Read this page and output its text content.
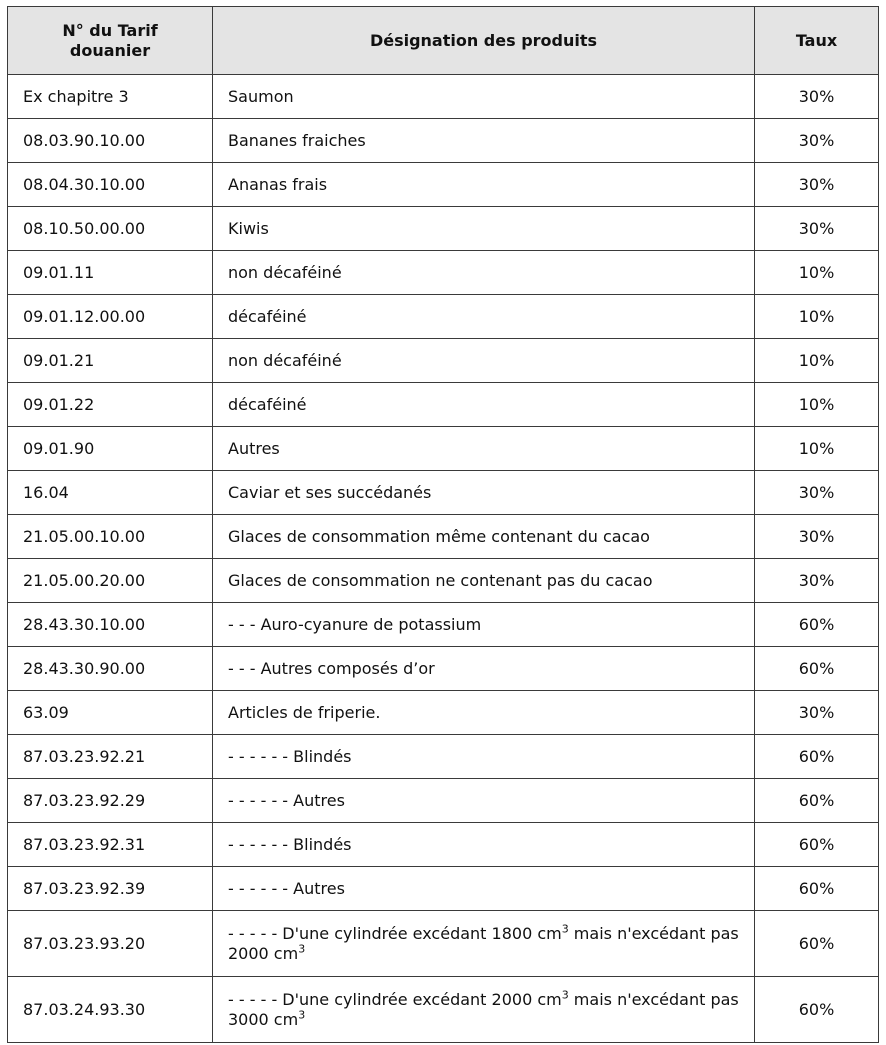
N° du Tarif
douanier	Désignation des produits	Taux
Ex chapitre 3	Saumon	30%
08.03.90.10.00	Bananes fraiches	30%
08.04.30.10.00	Ananas frais	30%
08.10.50.00.00	Kiwis	30%
09.01.11	non décaféiné	10%
09.01.12.00.00	décaféiné	10%
09.01.21	non décaféiné	10%
09.01.22	décaféiné	10%
09.01.90	Autres	10%
16.04	Caviar et ses succédanés	30%
21.05.00.10.00	Glaces de consommation même contenant du cacao	30%
21.05.00.20.00	Glaces de consommation ne contenant pas du cacao	30%
28.43.30.10.00	- - - Auro-cyanure de potassium	60%
28.43.30.90.00	- - - Autres composés d’or	60%
63.09	Articles de friperie.	30%
87.03.23.92.21	- - - - - - Blindés	60%
87.03.23.92.29	- - - - - - Autres	60%
87.03.23.92.31	- - - - - - Blindés	60%
87.03.23.92.39	- - - - - - Autres	60%
87.03.23.93.20	- - - - - D'une cylindrée excédant 1800 $cm^3$ mais n'excédant pas 2000 $cm^3$	60%
87.03.24.93.30	- - - - - D'une cylindrée excédant 2000 $cm^3$ mais n'excédant pas 3000 $cm^3$	60%
